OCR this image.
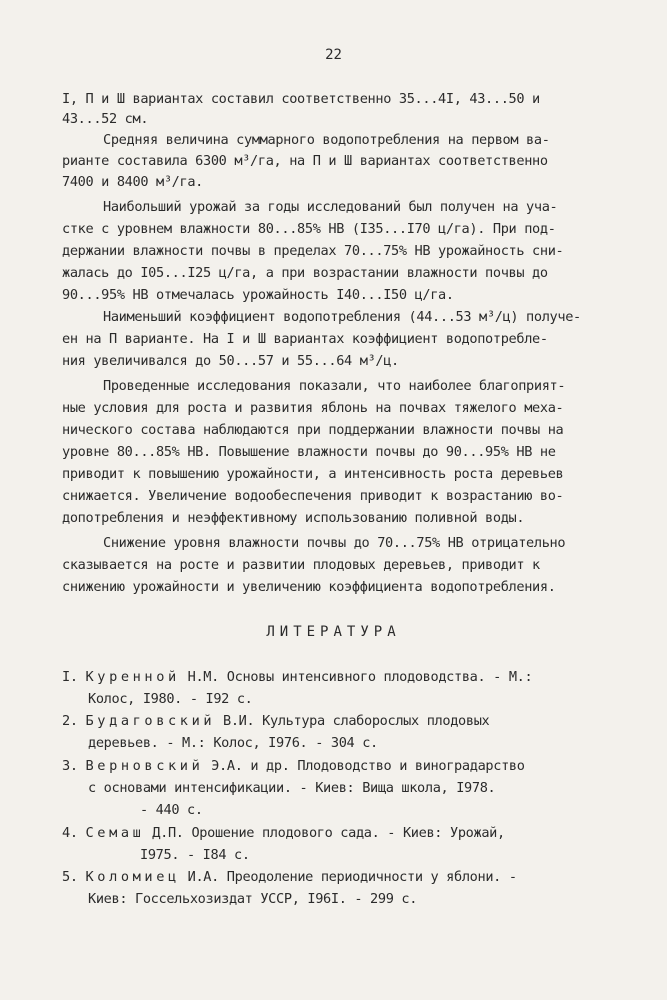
22
I, П и Ш вариантах составил соответственно 35...4I, 43...50 и
43...52 см.
Средняя величина суммарного водопотребления на первом ва-
рианте составила 6300 м³/га, на П и Ш вариантах соответственно
7400 и 8400 м³/га.
Наибольший урожай за годы исследований был получен на уча-
стке с уровнем влажности 80...85% НВ (I35...I70 ц/га). При под-
держании влажности почвы в пределах 70...75% НВ урожайность сни-
жалась до I05...I25 ц/га, а при возрастании влажности почвы до
90...95% НВ отмечалась урожайность I40...I50 ц/га.
Наименьший коэффициент водопотребления (44...53 м³/ц) получе-
ен на П варианте. На I и Ш вариантах коэффициент водопотребле-
ния увеличивался до 50...57 и 55...64 м³/ц.
Проведенные исследования показали, что наиболее благоприят-
ные условия для роста и развития яблонь на почвах тяжелого меха-
нического состава наблюдаются при поддержании влажности почвы на
уровне 80...85% НВ. Повышение влажности почвы до 90...95% НВ не
приводит к повышению урожайности, а интенсивность роста деревьев
снижается. Увеличение водообеспечения приводит к возрастанию во-
допотребления и неэффективному использованию поливной воды.
Снижение уровня влажности почвы до 70...75% НВ отрицательно
сказывается на росте и развитии плодовых деревьев, приводит к
снижению урожайности и увеличению коэффициента водопотребления.
ЛИТЕРАТУРА
I. Куренной Н.М. Основы интенсивного плодоводства. - М.:
Колос, I980. - I92 с.
2. Будаговский В.И. Культура слаборослых плодовых
деревьев. - М.: Колос, I976. - 304 с.
3. Верновский Э.А. и др. Плодоводство и виноградарство
с основами интенсификации. - Киев: Вища школа, I978.
- 440 с.
4. Семаш Д.П. Орошение плодового сада. - Киев: Урожай,
I975. - I84 с.
5. Коломиец И.А. Преодоление периодичности у яблони. -
Киев: Госсельхозиздат УССР, I96I. - 299 с.
